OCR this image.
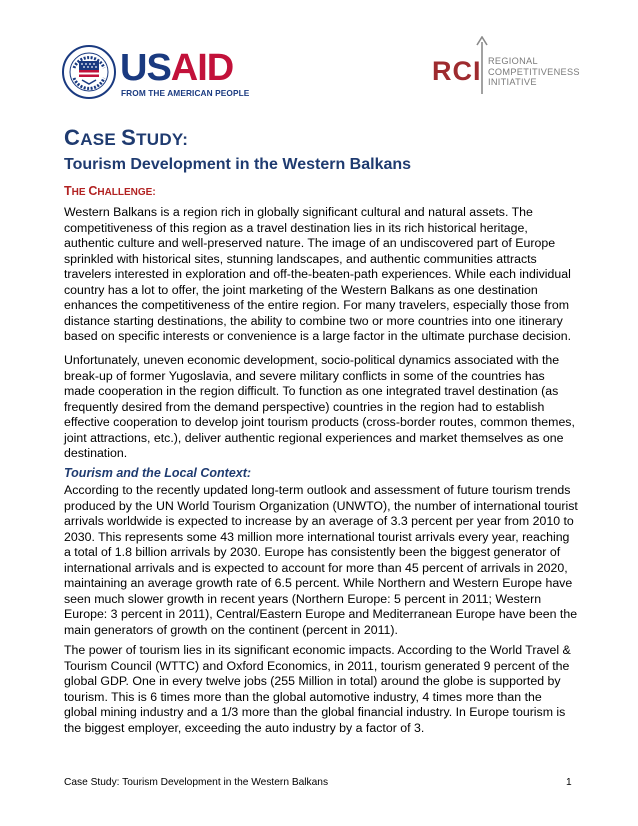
USAID
FROM THE AMERICAN PEOPLE
RCI REGIONAL
COMPETITIVENESS
INITIATIVE
CASE STUDY:
Tourism Development in the Western Balkans
THE CHALLENGE:

Western Balkans is a region rich in globally significant cultural and natural assets. The competitiveness of this region as a travel destination lies in its rich historical heritage, authentic culture and well-preserved nature. The image of an undiscovered part of Europe sprinkled with historical sites, stunning landscapes, and authentic communities attracts travelers interested in exploration and off-the-beaten-path experiences. While each individual country has a lot to offer, the joint marketing of the Western Balkans as one destination enhances the competitiveness of the entire region. For many travelers, especially those from distance starting destinations, the ability to combine two or more countries into one itinerary based on specific interests or convenience is a large factor in the ultimate purchase decision.

Unfortunately, uneven economic development, socio-political dynamics associated with the break-up of former Yugoslavia, and severe military conflicts in some of the countries has made cooperation in the region difficult. To function as one integrated travel destination (as frequently desired from the demand perspective) countries in the region had to establish effective cooperation to develop joint tourism products (cross-border routes, common themes, joint attractions, etc.), deliver authentic regional experiences and market themselves as one destination.

Tourism and the Local Context:

According to the recently updated long-term outlook and assessment of future tourism trends produced by the UN World Tourism Organization (UNWTO), the number of international tourist arrivals worldwide is expected to increase by an average of 3.3 percent per year from 2010 to 2030. This represents some 43 million more international tourist arrivals every year, reaching a total of 1.8 billion arrivals by 2030. Europe has consistently been the biggest generator of international arrivals and is expected to account for more than 45 percent of arrivals in 2020, maintaining an average growth rate of 6.5 percent. While Northern and Western Europe have seen much slower growth in recent years (Northern Europe: 5 percent in 2011; Western Europe: 3 percent in 2011), Central/Eastern Europe and Mediterranean Europe have been the main generators of growth on the continent (percent in 2011).

The power of tourism lies in its significant economic impacts. According to the World Travel & Tourism Council (WTTC) and Oxford Economics, in 2011, tourism generated 9 percent of the global GDP. One in every twelve jobs (255 Million in total) around the globe is supported by tourism. This is 6 times more than the global automotive industry, 4 times more than the global mining industry and a 1/3 more than the global financial industry. In Europe tourism is the biggest employer, exceeding the auto industry by a factor of 3.

Case Study: Tourism Development in the Western Balkans	1
